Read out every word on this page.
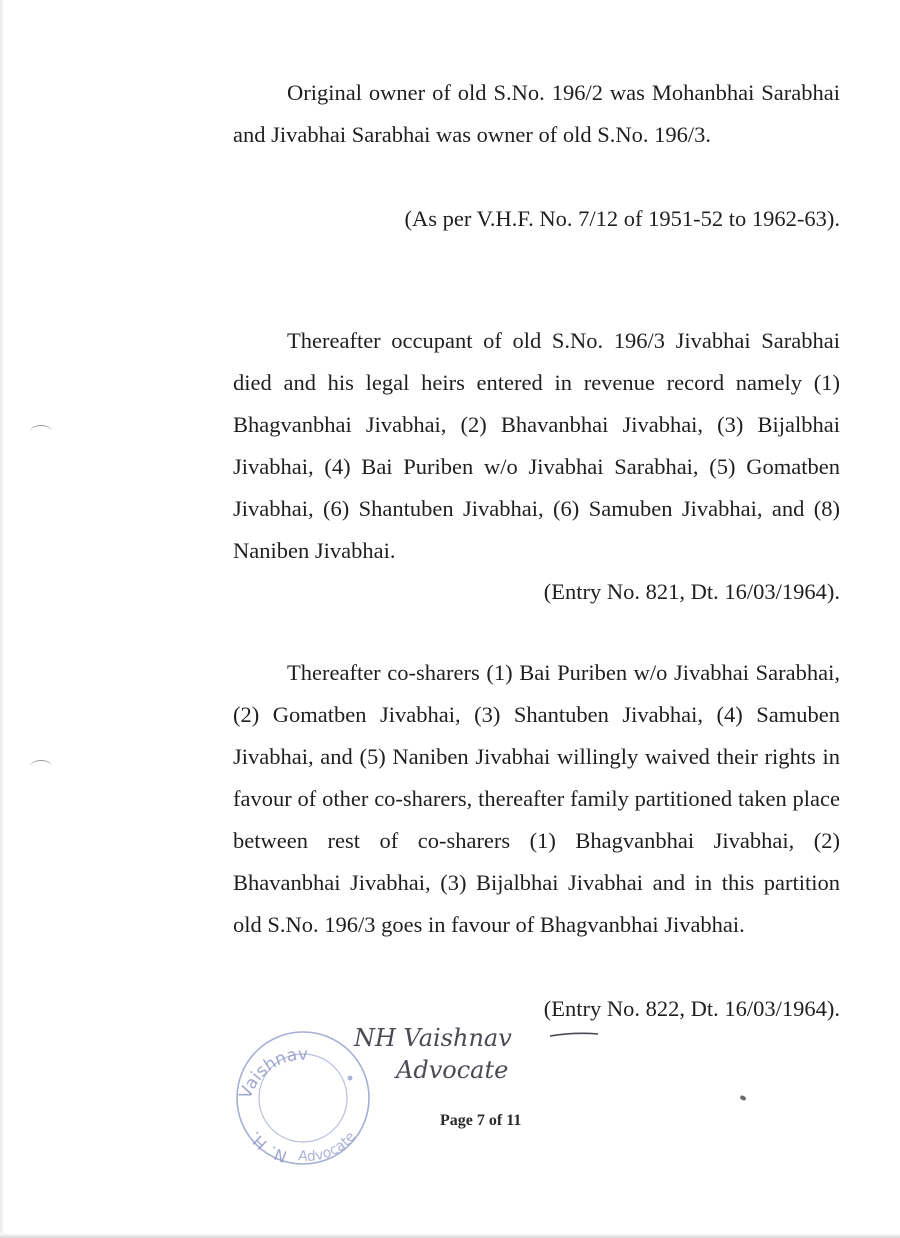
Original owner of old S.No. 196/2 was Mohanbhai Sarabhai and Jivabhai Sarabhai was owner of old S.No. 196/3.

(As per V.H.F. No. 7/12 of 1951-52 to 1962-63).

Thereafter occupant of old S.No. 196/3 Jivabhai Sarabhai died and his legal heirs entered in revenue record namely (1) Bhagvanbhai Jivabhai, (2) Bhavanbhai Jivabhai, (3) Bijalbhai Jivabhai, (4) Bai Puriben w/o Jivabhai Sarabhai, (5) Gomatben Jivabhai, (6) Shantuben Jivabhai, (6) Samuben Jivabhai, and (8) Naniben Jivabhai.

(Entry No. 821, Dt. 16/03/1964).

Thereafter co-sharers (1) Bai Puriben w/o Jivabhai Sarabhai, (2) Gomatben Jivabhai, (3) Shantuben Jivabhai, (4) Samuben Jivabhai, and (5) Naniben Jivabhai willingly waived their rights in favour of other co-sharers, thereafter family partitioned taken place between rest of co-sharers (1) Bhagvanbhai Jivabhai, (2) Bhavanbhai Jivabhai, (3) Bijalbhai Jivabhai and in this partition old S.No. 196/3 goes in favour of Bhagvanbhai Jivabhai.

(Entry No. 822, Dt. 16/03/1964).

Vaishnav
N. H.
Advocate
NH Vaishnav
Advocate
Page 7 of 11
